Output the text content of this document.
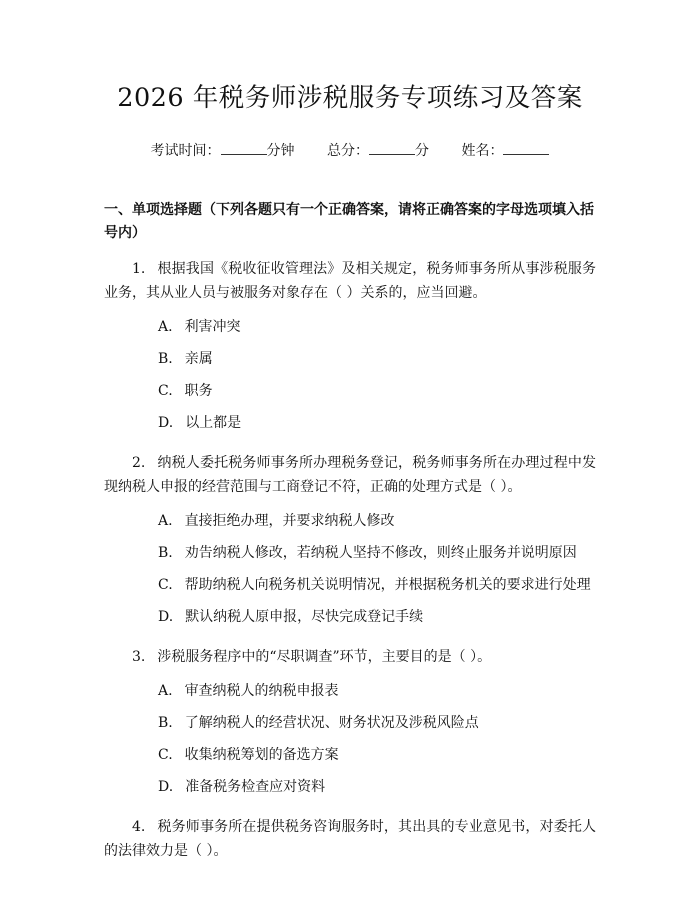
2026 年税务师涉税服务专项练习及答案
考试时间：	分钟 总分：	分 姓名：
一、单项选择题（下列各题只有一个正确答案，请将正确答案的字母选项填入括号内）
1. 根据我国《税收征收管理法》及相关规定，税务师事务所从事涉税服务业务，其从业人员与被服务对象存在（ ）关系的，应当回避。
A. 利害冲突
B. 亲属
C. 职务
D. 以上都是
2. 纳税人委托税务师事务所办理税务登记，税务师事务所在办理过程中发现纳税人申报的经营范围与工商登记不符，正确的处理方式是（ ）。
A. 直接拒绝办理，并要求纳税人修改
B. 劝告纳税人修改，若纳税人坚持不修改，则终止服务并说明原因
C. 帮助纳税人向税务机关说明情况，并根据税务机关的要求进行处理
D. 默认纳税人原申报，尽快完成登记手续
3. 涉税服务程序中的“尽职调查”环节，主要目的是（ ）。
A. 审查纳税人的纳税申报表
B. 了解纳税人的经营状况、财务状况及涉税风险点
C. 收集纳税筹划的备选方案
D. 准备税务检查应对资料
4. 税务师事务所在提供税务咨询服务时，其出具的专业意见书，对委托人的法律效力是（ ）。
